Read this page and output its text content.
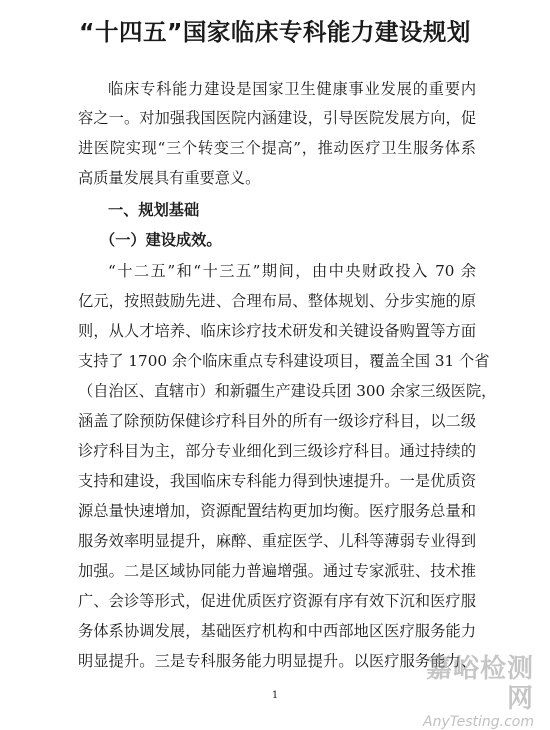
“十四五”国家临床专科能力建设规划
临床专科能力建设是国家卫生健康事业发展的重要内
容之一。对加强我国医院内涵建设，引导医院发展方向，促
进医院实现“三个转变三个提高”，推动医疗卫生服务体系
高质量发展具有重要意义。
一、规划基础
（一）建设成效。
“十二五”和“十三五”期间，由中央财政投入 70 余
亿元，按照鼓励先进、合理布局、整体规划、分步实施的原
则，从人才培养、临床诊疗技术研发和关键设备购置等方面
支持了 1700 余个临床重点专科建设项目，覆盖全国 31 个省
（自治区、直辖市）和新疆生产建设兵团 300 余家三级医院，
涵盖了除预防保健诊疗科目外的所有一级诊疗科目，以二级
诊疗科目为主，部分专业细化到三级诊疗科目。通过持续的
支持和建设，我国临床专科能力得到快速提升。一是优质资
源总量快速增加，资源配置结构更加均衡。医疗服务总量和
服务效率明显提升，麻醉、重症医学、儿科等薄弱专业得到
加强。二是区域协同能力普遍增强。通过专家派驻、技术推
广、会诊等形式，促进优质医疗资源有序有效下沉和医疗服
务体系协调发展，基础医疗机构和中西部地区医疗服务能力
明显提升。三是专科服务能力明显提升。以医疗服务能力、
1
嘉峪检测网
AnyTesting.com
